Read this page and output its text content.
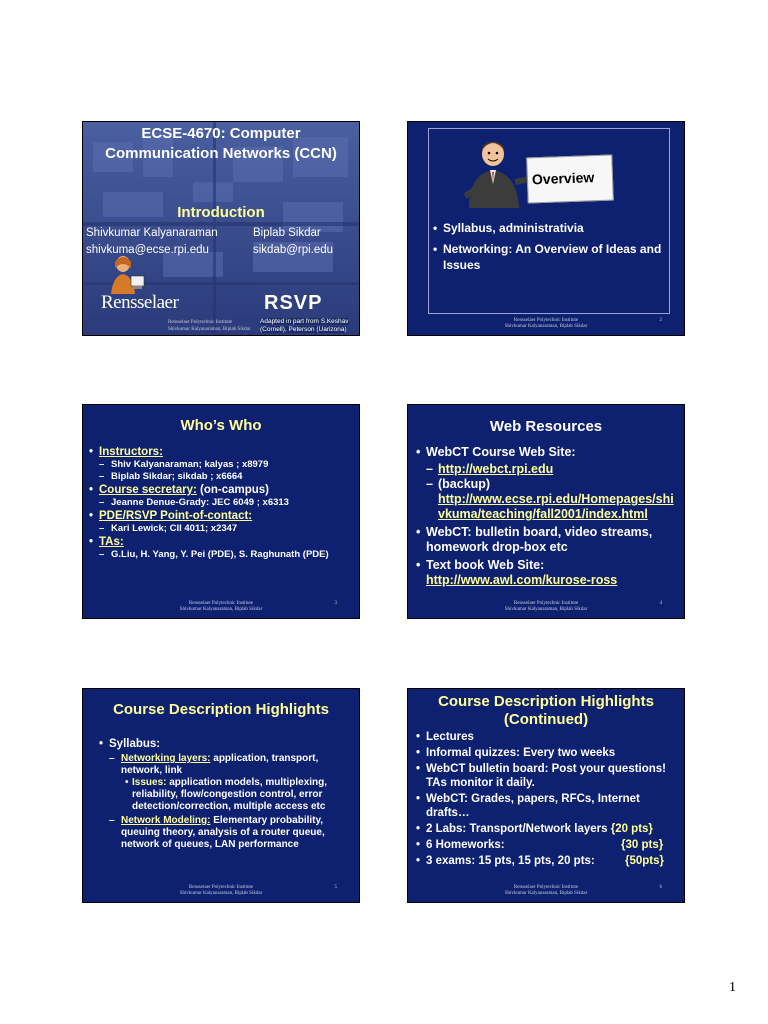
ECSE-4670: Computer Communication Networks (CCN)
Introduction
Shivkumar Kalyanaraman
shivkuma@ecse.rpi.edu
Biplab Sikdar
sikdab@rpi.edu
Rensselaer	RSVP
Rensselaer Polytechnic Institute
Shivkumar Kalyanaraman, Biplab Sikdar
Adapted in part from S.Keshav
(Cornell), Peterson (Uarizona)
Overview
• Syllabus, administrativia
• Networking: An Overview of Ideas and Issues
Rensselaer Polytechnic Institute
Shivkumar Kalyanaraman, Biplab Sikdar
2
Who’s Who
• Instructors:
– Shiv Kalyanaraman; kalyas ; x8979
– Biplab Sikdar; sikdab ; x6664
• Course secretary: (on-campus)
– Jeanne Denue-Grady: JEC 6049 ; x6313
• PDE/RSVP Point-of-contact:
– Kari Lewick; CII 4011; x2347
• TAs:
– G.Liu, H. Yang, Y. Pei (PDE), S. Raghunath (PDE)
Rensselaer Polytechnic Institute
Shivkumar Kalyanaraman, Biplab Sikdar
3
Web Resources
• WebCT Course Web Site:
– http://webct.rpi.edu
– (backup)
http://www.ecse.rpi.edu/Homepages/shivkuma/teaching/fall2001/index.html
• WebCT: bulletin board, video streams, homework drop-box etc
• Text book Web Site:
http://www.awl.com/kurose-ross
Rensselaer Polytechnic Institute
Shivkumar Kalyanaraman, Biplab Sikdar
4
Course Description Highlights
• Syllabus:
– Networking layers: application, transport, network, link
• Issues: application models, multiplexing, reliability, flow/congestion control, error detection/correction, multiple access etc
– Network Modeling: Elementary probability, queuing theory, analysis of a router queue, network of queues, LAN performance
Rensselaer Polytechnic Institute
Shivkumar Kalyanaraman, Biplab Sikdar
5
Course Description Highlights (Continued)
• Lectures
• Informal quizzes: Every two weeks
• WebCT bulletin board: Post your questions! TAs monitor it daily.
• WebCT: Grades, papers, RFCs, Internet drafts…
• 2 Labs: Transport/Network layers {20 pts}
• 6 Homeworks:	{30 pts}
• 3 exams: 15 pts, 15 pts, 20 pts:	{50pts}
Rensselaer Polytechnic Institute
Shivkumar Kalyanaraman, Biplab Sikdar
6
1
